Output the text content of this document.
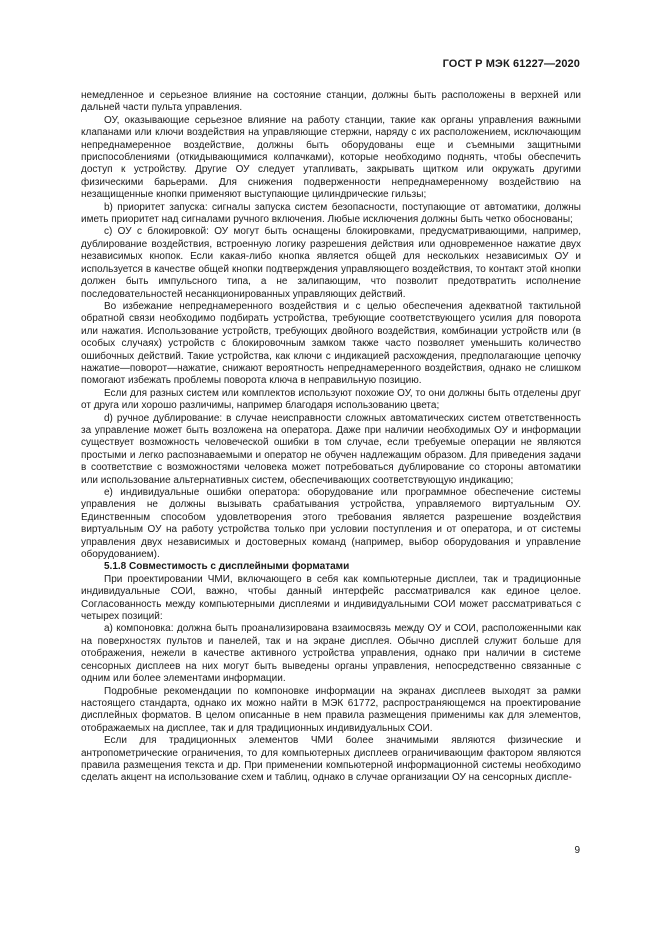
ГОСТ Р МЭК 61227—2020

немедленное и серьезное влияние на состояние станции, должны быть расположены в верхней или дальней части пульта управления.

ОУ, оказывающие серьезное влияние на работу станции, такие как органы управления важными клапанами или ключи воздействия на управляющие стержни, наряду с их расположением, исключающим непреднамеренное воздействие, должны быть оборудованы еще и съемными защитными приспособлениями (откидывающимися колпачками), которые необходимо поднять, чтобы обеспечить доступ к устройству. Другие ОУ следует утапливать, закрывать щитком или окружать другими физическими барьерами. Для снижения подверженности непреднамеренному воздействию на незащищенные кнопки применяют выступающие цилиндрические гильзы;

b) приоритет запуска: сигналы запуска систем безопасности, поступающие от автоматики, должны иметь приоритет над сигналами ручного включения. Любые исключения должны быть четко обоснованы;

c) ОУ с блокировкой: ОУ могут быть оснащены блокировками, предусматривающими, например, дублирование воздействия, встроенную логику разрешения действия или одновременное нажатие двух независимых кнопок. Если какая-либо кнопка является общей для нескольких независимых ОУ и используется в качестве общей кнопки подтверждения управляющего воздействия, то контакт этой кнопки должен быть импульсного типа, а не залипающим, что позволит предотвратить исполнение последовательностей несанкционированных управляющих действий.

Во избежание непреднамеренного воздействия и с целью обеспечения адекватной тактильной обратной связи необходимо подбирать устройства, требующие соответствующего усилия для поворота или нажатия. Использование устройств, требующих двойного воздействия, комбинации устройств или (в особых случаях) устройств с блокировочным замком также часто позволяет уменьшить количество ошибочных действий. Такие устройства, как ключи с индикацией расхождения, предполагающие цепочку нажатие—поворот—нажатие, снижают вероятность непреднамеренного воздействия, однако не слишком помогают избежать проблемы поворота ключа в неправильную позицию.

Если для разных систем или комплектов используют похожие ОУ, то они должны быть отделены друг от друга или хорошо различимы, например благодаря использованию цвета;

d) ручное дублирование: в случае неисправности сложных автоматических систем ответственность за управление может быть возложена на оператора. Даже при наличии необходимых ОУ и информации существует возможность человеческой ошибки в том случае, если требуемые операции не являются простыми и легко распознаваемыми и оператор не обучен надлежащим образом. Для приведения задачи в соответствие с возможностями человека может потребоваться дублирование со стороны автоматики или использование альтернативных систем, обеспечивающих соответствующую индикацию;

e) индивидуальные ошибки оператора: оборудование или программное обеспечение системы управления не должны вызывать срабатывания устройства, управляемого виртуальным ОУ. Единственным способом удовлетворения этого требования является разрешение воздействия виртуальным ОУ на работу устройства только при условии поступления и от оператора, и от системы управления двух независимых и достоверных команд (например, выбор оборудования и управление оборудованием).

5.1.8 Совместимость с дисплейными форматами

При проектировании ЧМИ, включающего в себя как компьютерные дисплеи, так и традиционные индивидуальные СОИ, важно, чтобы данный интерфейс рассматривался как единое целое. Согласованность между компьютерными дисплеями и индивидуальными СОИ может рассматриваться с четырех позиций:

а) компоновка: должна быть проанализирована взаимосвязь между ОУ и СОИ, расположенными как на поверхностях пультов и панелей, так и на экране дисплея. Обычно дисплей служит больше для отображения, нежели в качестве активного устройства управления, однако при наличии в системе сенсорных дисплеев на них могут быть выведены органы управления, непосредственно связанные с одним или более элементами информации.

Подробные рекомендации по компоновке информации на экранах дисплеев выходят за рамки настоящего стандарта, однако их можно найти в МЭК 61772, распространяющемся на проектирование дисплейных форматов. В целом описанные в нем правила размещения применимы как для элементов, отображаемых на дисплее, так и для традиционных индивидуальных СОИ.

Если для традиционных элементов ЧМИ более значимыми являются физические и антропометрические ограничения, то для компьютерных дисплеев ограничивающим фактором являются правила размещения текста и др. При применении компьютерной информационной системы необходимо сделать акцент на использование схем и таблиц, однако в случае организации ОУ на сенсорных диспле-

9
